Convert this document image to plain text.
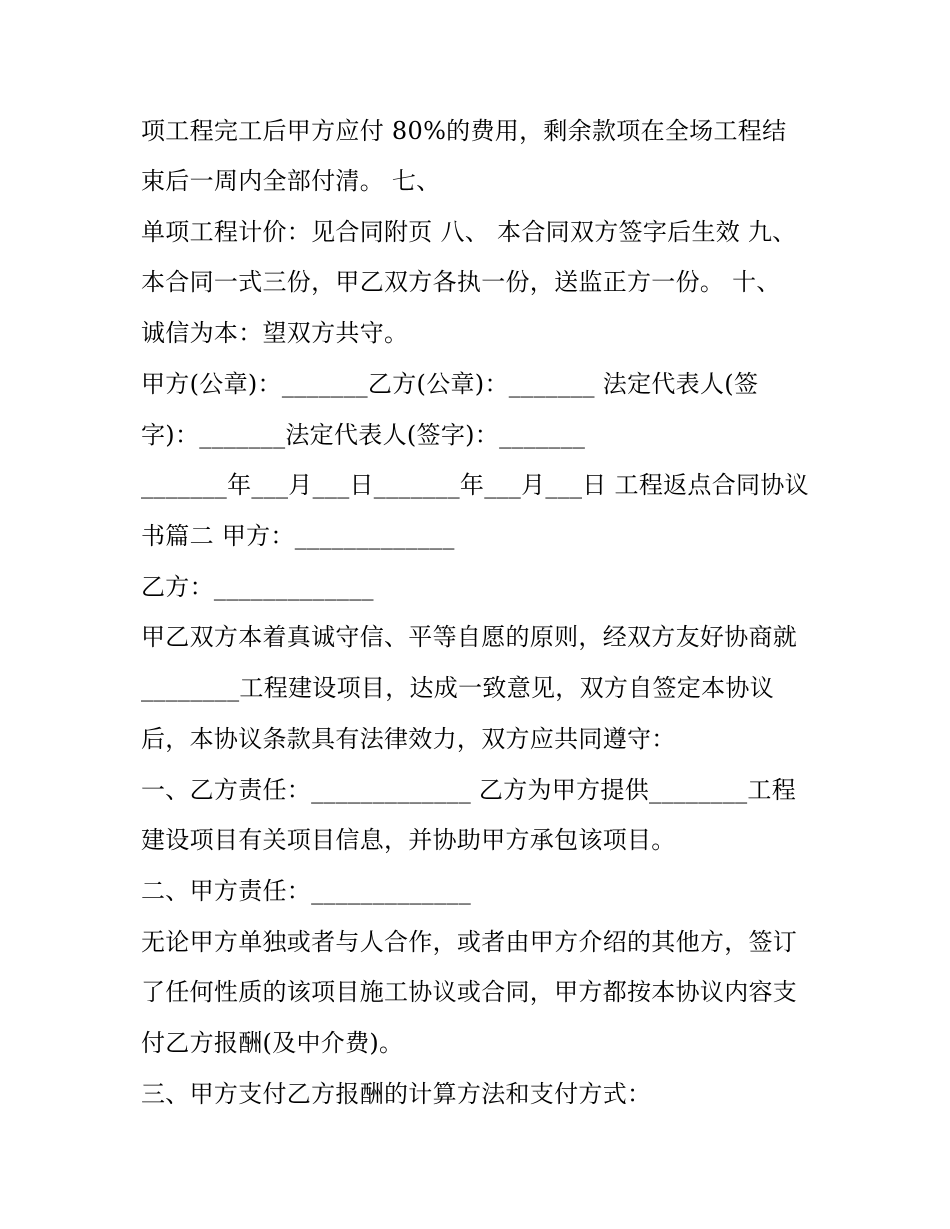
项工程完工后甲方应付 80%的费用，剩余款项在全场工程结
束后一周内全部付清。 七、
单项工程计价：见合同附页 八、 本合同双方签字后生效 九、
本合同一式三份，甲乙双方各执一份，送监正方一份。 十、
诚信为本：望双方共守。
甲方(公章)：_______乙方(公章)：_______ 法定代表人(签
字)：_______法定代表人(签字)：_______
_______年___月___日_______年___月___日 工程返点合同协议
书篇二 甲方：_____________
乙方：_____________
甲乙双方本着真诚守信、平等自愿的原则，经双方友好协商就
________工程建设项目，达成一致意见，双方自签定本协议
后，本协议条款具有法律效力，双方应共同遵守：
一、乙方责任：_____________ 乙方为甲方提供________工程
建设项目有关项目信息，并协助甲方承包该项目。
二、甲方责任：_____________
无论甲方单独或者与人合作，或者由甲方介绍的其他方，签订
了任何性质的该项目施工协议或合同，甲方都按本协议内容支
付乙方报酬(及中介费)。
三、甲方支付乙方报酬的计算方法和支付方式：
